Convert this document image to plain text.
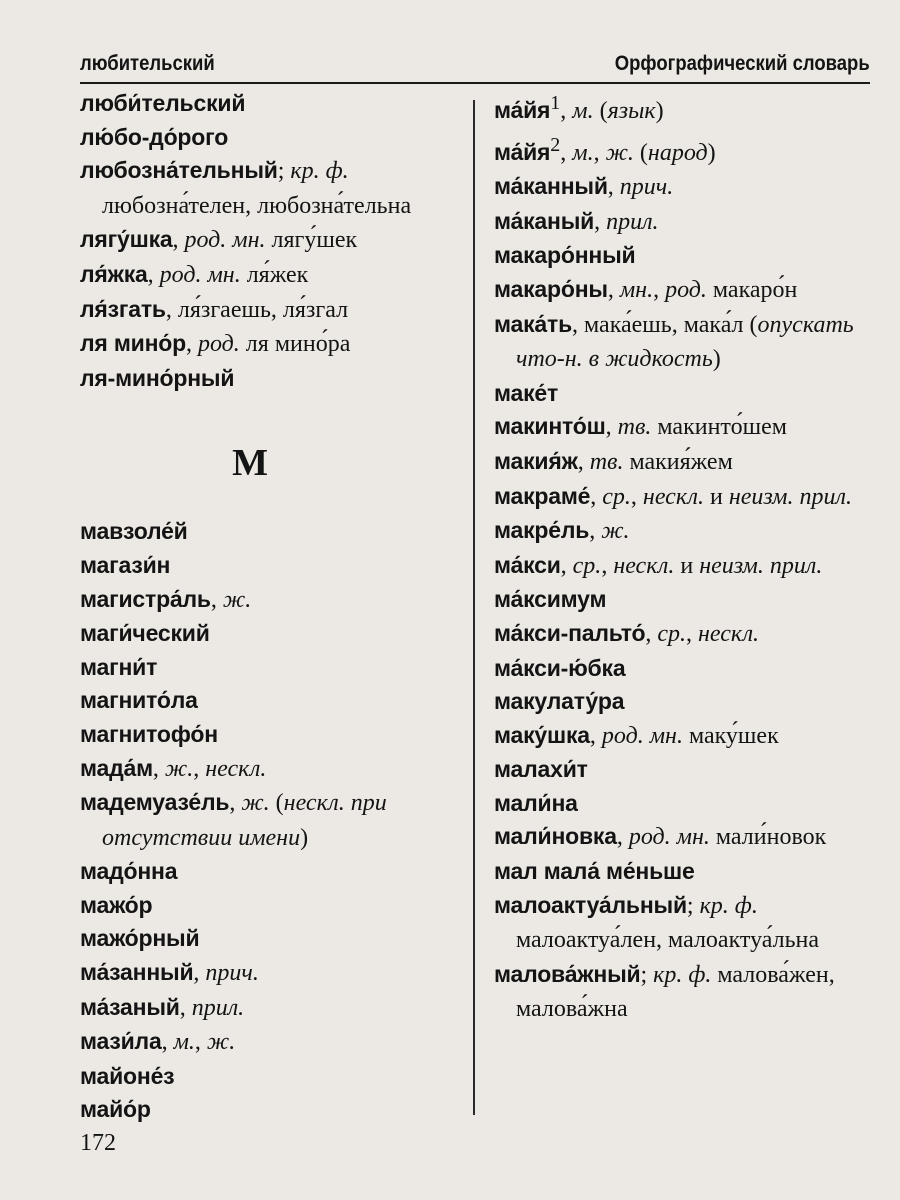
любительский	Орфографический словарь
люби́тельский
лю́бо-до́рого
любозна́тельный; кр. ф. любозна́телен, любозна́тельна
лягу́шка, род. мн. лягу́шек
ля́жка, род. мн. ля́жек
ля́згать, ля́згаешь, ля́згал
ля мино́р, род. ля мино́ра
ля-мино́рный
М
мавзоле́й
магази́н
магистра́ль, ж.
маги́ческий
магни́т
магнито́ла
магнитофо́н
мада́м, ж., нескл.
мадемуазе́ль, ж. (нескл. при отсутствии имени)
мадо́нна
мажо́р
мажо́рный
ма́занный, прич.
ма́заный, прил.
мази́ла, м., ж.
майоне́з
майо́р
$ма́йя^1$, м. (язык)
$ма́йя^2$, м., ж. (народ)
ма́канный, прич.
ма́каный, прил.
макаро́нный
макаро́ны, мн., род. макаро́н
мака́ть, мака́ешь, мака́л (опускать что-н. в жидкость)
маке́т
макинто́ш, тв. макинто́шем
макия́ж, тв. макия́жем
макраме́, ср., нескл. и неизм. прил.
макре́ль, ж.
ма́кси, ср., нескл. и неизм. прил.
ма́ксимум
ма́кси-пальто́, ср., нескл.
ма́кси-ю́бка
макулату́ра
маку́шка, род. мн. маку́шек
малахи́т
мали́на
мали́новка, род. мн. мали́новок
мал мала́ ме́ньше
малоактуа́льный; кр. ф. малоактуа́лен, малоактуа́льна
малова́жный; кр. ф. малова́жен, малова́жна
172
